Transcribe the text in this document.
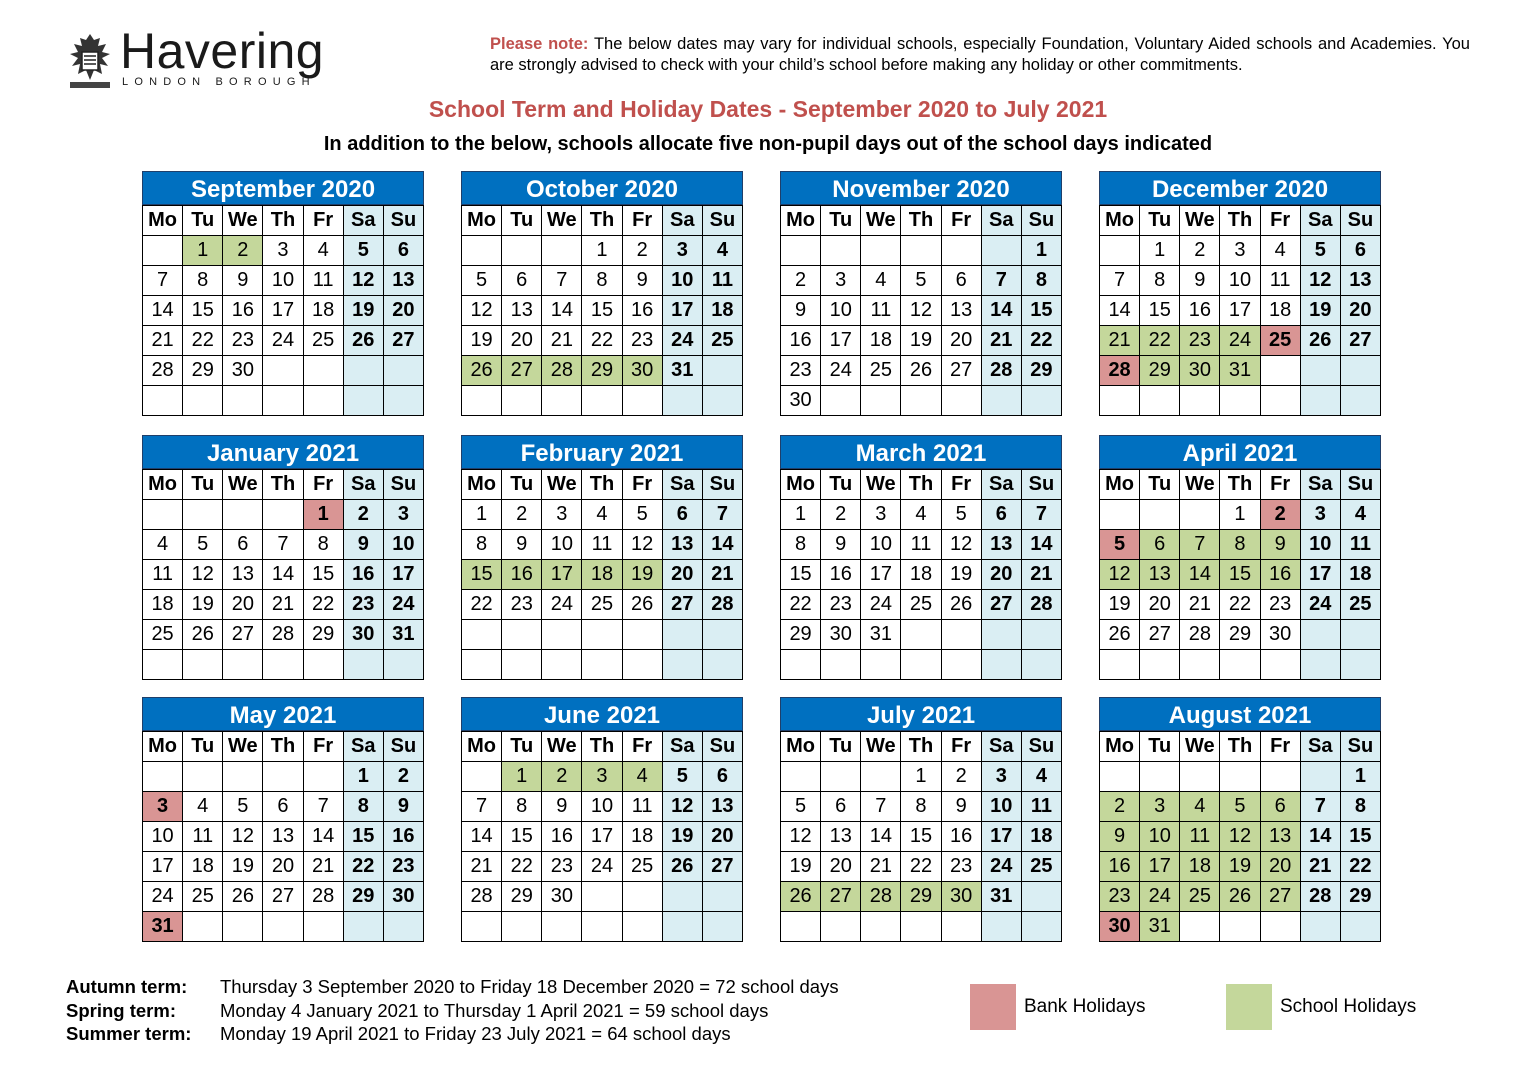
Havering
LONDON BOROUGH
Please note: The below dates may vary for individual schools, especially Foundation, Voluntary Aided schools and Academies. You are strongly advised to check with your child’s school before making any holiday or other commitments.
School Term and Holiday Dates - September 2020 to July 2021
In addition to the below, schools allocate five non-pupil days out of the school days indicated
September 2020
Mo	Tu	We	Th	Fr	Sa	Su
	1	2	3	4	5	6
7	8	9	10	11	12	13
14	15	16	17	18	19	20
21	22	23	24	25	26	27
28	29	30				

October 2020
Mo	Tu	We	Th	Fr	Sa	Su
			1	2	3	4
5	6	7	8	9	10	11
12	13	14	15	16	17	18
19	20	21	22	23	24	25
26	27	28	29	30	31	

November 2020
Mo	Tu	We	Th	Fr	Sa	Su
						1
2	3	4	5	6	7	8
9	10	11	12	13	14	15
16	17	18	19	20	21	22
23	24	25	26	27	28	29
30						
December 2020
Mo	Tu	We	Th	Fr	Sa	Su
	1	2	3	4	5	6
7	8	9	10	11	12	13
14	15	16	17	18	19	20
21	22	23	24	25	26	27
28	29	30	31			

January 2021
Mo	Tu	We	Th	Fr	Sa	Su
				1	2	3
4	5	6	7	8	9	10
11	12	13	14	15	16	17
18	19	20	21	22	23	24
25	26	27	28	29	30	31

February 2021
Mo	Tu	We	Th	Fr	Sa	Su
1	2	3	4	5	6	7
8	9	10	11	12	13	14
15	16	17	18	19	20	21
22	23	24	25	26	27	28

March 2021
Mo	Tu	We	Th	Fr	Sa	Su
1	2	3	4	5	6	7
8	9	10	11	12	13	14
15	16	17	18	19	20	21
22	23	24	25	26	27	28
29	30	31				

April 2021
Mo	Tu	We	Th	Fr	Sa	Su
			1	2	3	4
5	6	7	8	9	10	11
12	13	14	15	16	17	18
19	20	21	22	23	24	25
26	27	28	29	30		

May 2021
Mo	Tu	We	Th	Fr	Sa	Su
					1	2
3	4	5	6	7	8	9
10	11	12	13	14	15	16
17	18	19	20	21	22	23
24	25	26	27	28	29	30
31						
June 2021
Mo	Tu	We	Th	Fr	Sa	Su
	1	2	3	4	5	6
7	8	9	10	11	12	13
14	15	16	17	18	19	20
21	22	23	24	25	26	27
28	29	30				

July 2021
Mo	Tu	We	Th	Fr	Sa	Su
			1	2	3	4
5	6	7	8	9	10	11
12	13	14	15	16	17	18
19	20	21	22	23	24	25
26	27	28	29	30	31	

August 2021
Mo	Tu	We	Th	Fr	Sa	Su
						1
2	3	4	5	6	7	8
9	10	11	12	13	14	15
16	17	18	19	20	21	22
23	24	25	26	27	28	29
30	31					
Autumn term: Thursday 3 September 2020 to Friday 18 December 2020 = 72 school days
Spring term: Monday 4 January 2021 to Thursday 1 April 2021 = 59 school days
Summer term: Monday 19 April 2021 to Friday 23 July 2021 = 64 school days
Bank Holidays	School Holidays
